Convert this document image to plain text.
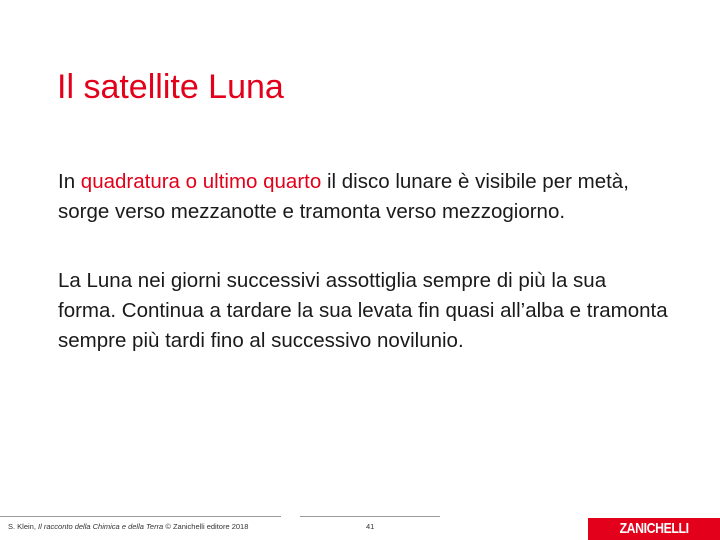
Il satellite Luna

In quadratura o ultimo quarto il disco lunare è visibile per metà, sorge verso mezzanotte e tramonta verso mezzogiorno.

La Luna nei giorni successivi assottiglia sempre di più la sua forma. Continua a tardare la sua levata fin quasi all’alba e tramonta sempre più tardi fino al successivo novilunio.

S. Klein, Il racconto della Chimica e della Terra © Zanichelli editore 2018	41	ZANICHELLI
